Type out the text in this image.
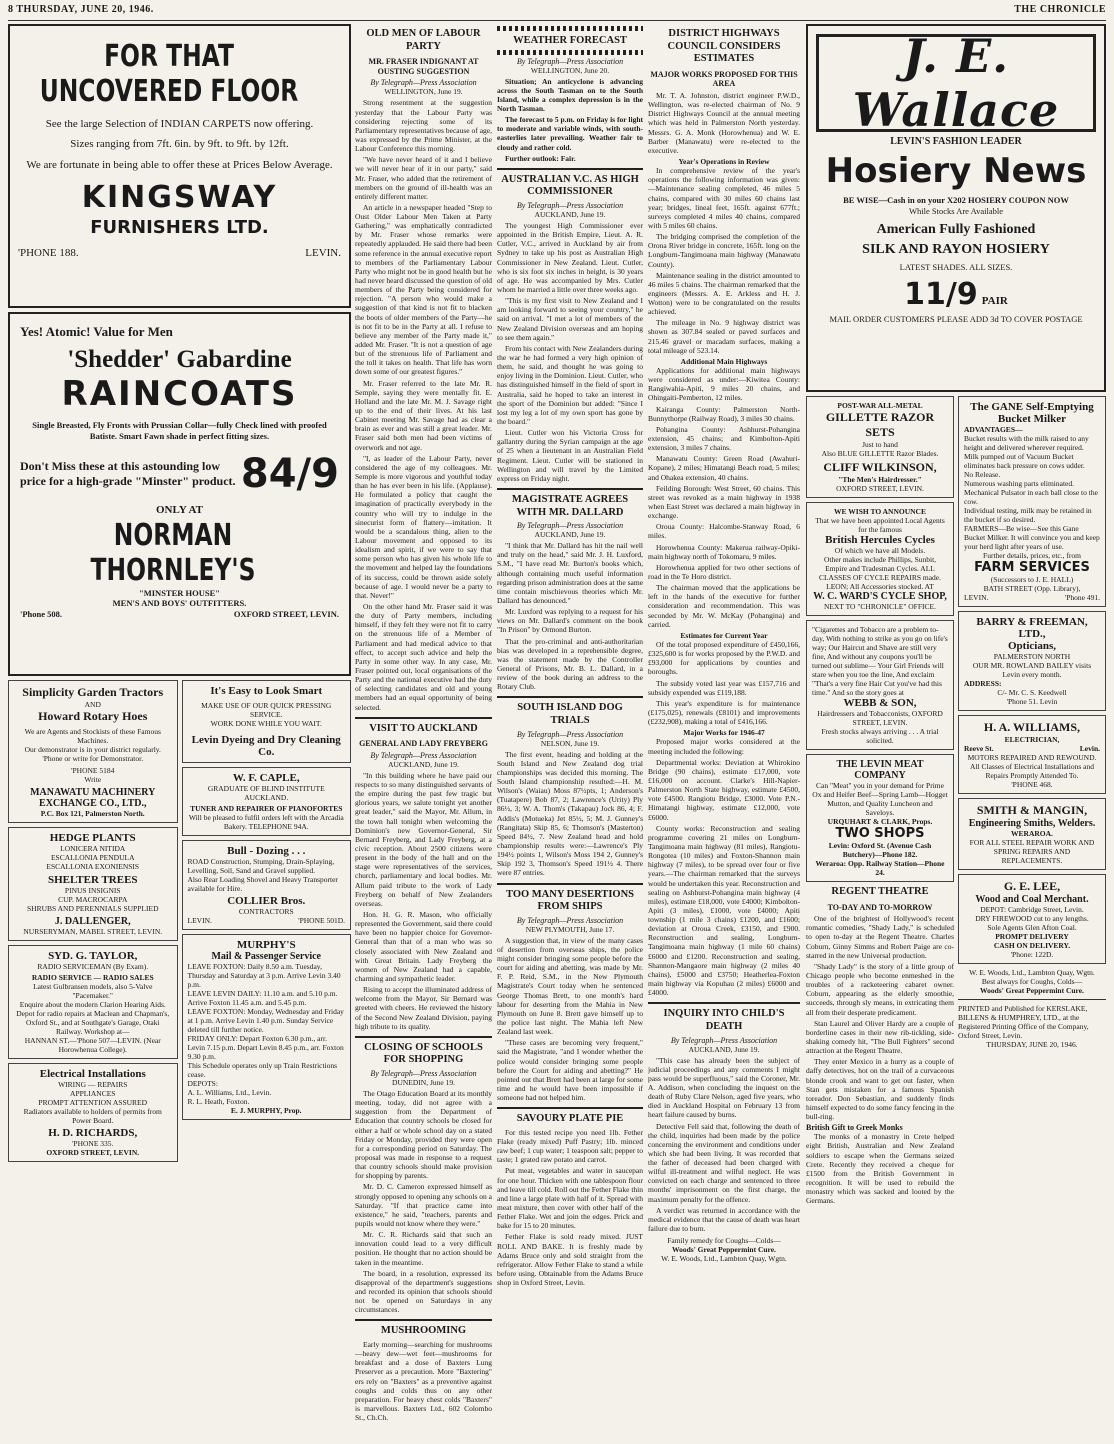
8 THURSDAY, JUNE 20, 1946.	THE CHRONICLE
FOR THAT UNCOVERED FLOOR
See the large Selection of INDIAN CARPETS now offering.
Sizes ranging from 7ft. 6in. by 9ft. to 9ft. by 12ft.
We are fortunate in being able to offer these at Prices Below Average.
KINGSWAY
FURNISHERS LTD.
'PHONE 188.	LEVIN.
Yes! Atomic! Value for Men
'Shedder' Gabardine
RAINCOATS
Single Breasted, Fly Fronts with Prussian Collar—fully Check lined with proofed Batiste. Smart Fawn shade in perfect fitting sizes.
Don't Miss these at this astounding low price for a high-grade "Minster" product. 84/9
ONLY AT
NORMAN THORNLEY'S
"MINSTER HOUSE"
MEN'S AND BOYS' OUTFITTERS.
'Phone 508.	OXFORD STREET, LEVIN.
Simplicity Garden Tractors
AND
Howard Rotary Hoes
We are Agents and Stockists of these Famous Machines.
Our demonstrator is in your district regularly.
'Phone or write for Demonstrator.
'PHONE 5184
Write
MANAWATU MACHINERY EXCHANGE CO., LTD.,
P.C. Box 121, Palmerston North.
HEDGE PLANTS
LONICERA NITIDA
ESCALLONIA PENDULA
ESCALLONIA EXONIENSIS
SHELTER TREES
PINUS INSIGNIS
CUP. MACROCARPA
SHRUBS AND PERENNIALS SUPPLIED
J. DALLENGER,
NURSERYMAN, MABEL STREET, LEVIN.
SYD. G. TAYLOR,
RADIO SERVICEMAN (By Exam).
RADIO SERVICE — RADIO SALES
Latest Gulbransen models, also 5-Valve "Pacemaker."
Enquire about the modern Clarion Hearing Aids.
Depot for radio repairs at Maclean and Chapman's, Oxford St., and at Southgate's Garage, Otaki Railway. Workshop at—
HANNAN ST.—'Phone 507—LEVIN. (Near Horowhenua College).
Electrical Installations
WIRING — REPAIRS
APPLIANCES
PROMPT ATTENTION ASSURED
Radiators available to holders of permits from Power Board.
H. D. RICHARDS,
'PHONE 335.
OXFORD STREET, LEVIN.
It's Easy to Look Smart
MAKE USE OF OUR QUICK PRESSING SERVICE.
WORK DONE WHILE YOU WAIT.
Levin Dyeing and Dry Cleaning Co.
W. F. CAPLE,
GRADUATE OF BLIND INSTITUTE AUCKLAND.
TUNER AND REPAIRER OF PIANOFORTES
Will be pleased to fulfil orders left with the Arcadia Bakery. TELEPHONE 94A.
Bull - Dozing . . .
ROAD Construction, Stumping, Drain-Splaying, Levelling, Soil, Sand and Gravel supplied.
Also Rear Loading Shovel and Heavy Transporter available for Hire.
COLLIER Bros.
CONTRACTORS
LEVIN.	'PHONE 501D.
MURPHY'S
Mail & Passenger Service
LEAVE FOXTON: Daily 8.50 a.m. Tuesday, Thursday and Saturday at 3 p.m. Arrive Levin 3.40 p.m.
LEAVE LEVIN DAILY: 11.10 a.m. and 5.10 p.m. Arrive Foxton 11.45 a.m. and 5.45 p.m.
LEAVE FOXTON: Monday, Wednesday and Friday at 1 p.m. Arrive Levin 1.40 p.m. Sunday Service deleted till further notice.
FRIDAY ONLY: Depart Foxton 6.30 p.m., arr. Levin 7.15 p.m. Depart Levin 8.45 p.m., arr. Foxton 9.30 p.m.
This Schedule operates only up Train Restrictions cease.
DEPOTS:
A. L. Williams, Ltd., Levin.
R. L. Heath, Foxton.
E. J. MURPHY, Prop.
OLD MEN OF LABOUR PARTY
MR. FRASER INDIGNANT AT OUSTING SUGGESTION
By Telegraph—Press Association
WELLINGTON, June 19.

Strong resentment at the suggestion yesterday that the Labour Party was considering rejecting some of its Parliamentary representatives because of age, was expressed by the Prime Minister, at the Labour Conference this morning.

"We have never heard of it and I believe we will never hear of it in our party," said Mr. Fraser, who added that the retirement of members on the ground of ill-health was an entirely different matter.

An article in a newspaper headed "Step to Oust Older Labour Men Taken at Party Gathering," was emphatically contradicted by Mr. Fraser whose remarks were repeatedly applauded. He said there had been some reference in the annual executive report to members of the Parliamentary Labour Party who might not be in good health but he had never heard discussed the question of old members of the Party being considered for rejection. "A person who would make a suggestion of that kind is not fit to blacken the boots of older members of the Party—he is not fit to be in the Party at all. I refuse to believe any member of the Party made it," added Mr. Fraser. "It is not a question of age but of the strenuous life of Parliament and the toll it takes on health. That life has worn down some of our greatest figures."

Mr. Fraser referred to the late Mr. R. Semple, saying they were mentally fit. E. Holland and the late Mr. M. J. Savage right up to the end of their lives. At his last Cabinet meeting Mr. Savage had as clear a brain as ever and was still a great leader. Mr. Fraser said both men had been victims of overwork and not age.

"I, as leader of the Labour Party, never considered the age of my colleagues. Mr. Semple is more vigorous and youthful today than he has ever been in his life. (Applause). He formulated a policy that caught the imagination of practically everybody in the country who will try to indulge in the sinecurist form of flattery—imitation. It would be a scandalous thing, alien to the Labour movement and opposed to its idealism and spirit, if we were to say that some person who has given his whole life to the movement and helped lay the foundations of its success, could be thrown aside solely because of age. I would never be a party to that. Never!"

On the other hand Mr. Fraser said it was the duty of Party members, including himself, if they felt they were not fit to carry on the strenuous life of a Member of Parliament and had medical advice to that effect, to accept such advice and help the Party in some other way. In any case, Mr. Fraser pointed out, local organisations of the Party and the national executive had the duty of selecting candidates and old and young members had an equal opportunity of being selected.

VISIT TO AUCKLAND
GENERAL AND LADY FREYBERG
By Telegraph—Press Association
AUCKLAND, June 19.

"In this building where he have paid our respects to so many distinguished servants of the empire during the past few tragic but glorious years, we salute tonight yet another great leader," said the Mayor, Mr. Allum, in the town hall tonight when welcoming the Dominion's new Governor-General, Sir Bernard Freyberg, and Lady Freyberg, at a civic reception. About 2500 citizens were present in the body of the hall and on the stage were representatives of the services, church, parliamentary and local bodies. Mr. Allum paid tribute to the work of Lady Freyberg on behalf of New Zealanders overseas.

Hon. H. G. R. Mason, who officially represented the Government, said there could have been no happier choice for Governor-General than that of a man who was so closely associated with New Zealand and with Great Britain. Lady Freyberg the women of New Zealand had a capable, charming and sympathetic leader.

Rising to accept the illuminated address of welcome from the Mayor, Sir Bernard was greeted with cheers. He reviewed the history of the Second New Zealand Division, paying high tribute to its quality.

CLOSING OF SCHOOLS FOR SHOPPING
By Telegraph—Press Association
DUNEDIN, June 19.

The Otago Education Board at its monthly meeting, today, did not agree with a suggestion from the Department of Education that country schools be closed for either a half or whole school day on a stated Friday or Monday, provided they were open for a corresponding period on Saturday. The proposal was made in response to a request that country schools should make provision for shopping by parents.

Mr. D. C. Cameron expressed himself as strongly opposed to opening any schools on a Saturday. "If that practice came into existence," he said, "teachers, parents and pupils would not know where they were."

Mr. C. R. Richards said that such an innovation could lead to a very difficult position. He thought that no action should be taken in the meantime.

The board, in a resolution, expressed its disapproval of the department's suggestions and recorded its opinion that schools should not be opened on Saturdays in any circumstances.

MUSHROOMING

Early morning—searching for mushrooms—heavy dew—wet feet—mushrooms for breakfast and a dose of Baxters Lung Preserver as a precaution. More "Baxtering" ers rely on "Baxters" as a preventive against coughs and colds thus on any other preparation. For heavy chest colds "Baxters" is marvellous. Baxters Ltd., 602 Colombo St., Ch.Ch.

WEATHER FORECAST
By Telegraph—Press Association
WELLINGTON, June 20.

Situation; An anticyclone is advancing across the South Tasman on to the South Island, while a complex depression is in the North Tasman.

The forecast to 5 p.m. on Friday is for light to moderate and variable winds, with south-easterlies later prevailing. Weather fair to cloudy and rather cold.

Further outlook: Fair.

AUSTRALIAN V.C. AS HIGH COMMISSIONER
By Telegraph—Press Association
AUCKLAND, June 19.

The youngest High Commissioner ever appointed in the British Empire, Lieut. A. R. Cutler, V.C., arrived in Auckland by air from Sydney to take up his post as Australian High Commissioner in New Zealand. Lieut. Cutler, who is six foot six inches in height, is 30 years of age. He was accompanied by Mrs. Cutler whom he married a little over three weeks ago.

"This is my first visit to New Zealand and I am looking forward to seeing your country," he said on arrival. "I met a lot of members of the New Zealand Division overseas and am hoping to see them again."

From his contact with New Zealanders during the war he had formed a very high opinion of them, he said, and thought he was going to enjoy living in the Dominion. Lieut. Cutler, who has distinguished himself in the field of sport in Australia, said he hoped to take an interest in the sport of the Dominion but added: "Since I lost my leg a lot of my own sport has gone by the board."

Lieut. Cutler won his Victoria Cross for gallantry during the Syrian campaign at the age of 25 when a lieutenant in an Australian Field Regiment. Lieut. Cutler will be stationed in Wellington and will travel by the Limited express on Friday night.

MAGISTRATE AGREES WITH MR. DALLARD
By Telegraph—Press Association
AUCKLAND, June 19.

"I think that Mr. Dallard has hit the nail well and truly on the head," said Mr. J. H. Luxford, S.M., "I have read Mr. Burton's books which, although containing much useful information regarding prison administration does at the same time contain mischievous theories which Mr. Dallard has denounced."

Mr. Luxford was replying to a request for his views on Mr. Dallard's comment on the book "In Prison" by Ormond Burton.

That the pro-criminal and anti-authoritarian bias was developed in a reprehensible degree, was the statement made by the Controller General of Prisons, Mr. B. L. Dallard, in a review of the book during an address to the Rotary Club.

SOUTH ISLAND DOG TRIALS
By Telegraph—Press Association
NELSON, June 19.

The first event, heading and holding at the South Island and New Zealand dog trial championships was decided this morning. The South Island championship resulted:—H. M. Wilson's (Waiau) Moss 87½pts, 1; Anderson's (Tuatapere) Bob 87, 2; Lawrence's (Urity) Ply 86½, 3; W. A. Thom's (Takapau) Jock 86, 4; F. Addis's (Motueka) Jet 85½, 5; M. J. Gunney's (Rangitata) Skip 85, 6; Thomson's (Masterton) Speed 84½, 7. New Zealand head and hold championship results were:—Lawrence's Ply 194½ points 1, Wilson's Moss 194 2, Gunney's Skip 192 3, Thomson's Speed 191½ 4. There were 87 entries.

TOO MANY DESERTIONS FROM SHIPS
By Telegraph—Press Association
NEW PLYMOUTH, June 17.

A suggestion that, in view of the many cases of desertion from overseas ships, the police might consider bringing some people before the court for aiding and abetting, was made by Mr. F. P. Reid, S.M., in the New Plymouth Magistrate's Court today when he sentenced George Thomas Brett, to one month's hard labour for deserting from the Mahia in New Plymouth on June 8. Brett gave himself up to the police last night. The Mahia left New Zealand last week.

"These cases are becoming very frequent," said the Magistrate, "and I wonder whether the police would consider bringing some people before the Court for aiding and abetting?" He pointed out that Brett had been at large for some time and he would have been impossible if someone had not helped him.

SAVOURY PLATE PIE

For this tested recipe you need 1lb. Fether Flake (ready mixed) Puff Pastry; 1lb. minced raw beef; 1 cup water; 1 teaspoon salt; pepper to taste; 1 grated raw potato and carrot.

Put meat, vegetables and water in saucepan for one hour. Thicken with one tablespoon flour and leave till cold. Roll out the Fether Flake thin and line a large plate with half of it. Spread with meat mixture, then cover with other half of the Fether Flake. Wet and join the edges. Prick and bake for 15 to 20 minutes.

Fether Flake is sold ready mixed. JUST ROLL AND BAKE. It is freshly made by Adams Bruce only and sold straight from the refrigerator. Allow Fether Flake to stand a while before using. Obtainable from the Adams Bruce shop in Oxford Street, Levin.

DISTRICT HIGHWAYS COUNCIL CONSIDERS ESTIMATES
MAJOR WORKS PROPOSED FOR THIS AREA

Mr. T. A. Johnston, district engineer P.W.D., Wellington, was re-elected chairman of No. 9 District Highways Council at the annual meeting which was held in Palmerston North yesterday. Messrs. G. A. Monk (Horowhenua) and W. E. Barber (Manawatu) were re-elected to the executive.

Year's Operations in Review

In comprehensive review of the year's operations the following information was given:—Maintenance sealing completed, 46 miles 5 chains, compared with 30 miles 60 chains last year; bridges, lineal feet, 165ft. against 677ft.; surveys completed 4 miles 40 chains, compared with 5 miles 60 chains.

The bridging comprised the completion of the Orona River bridge in concrete, 165ft. long on the Longburn-Tangimoana main highway (Manawatu County).

Maintenance sealing in the district amounted to 46 miles 5 chains. The chairman remarked that the engineers (Messrs. A. E. Arkless and H. J. Wotton) were to be congratulated on the results achieved.

The mileage in No. 9 highway district was shown as 307.84 sealed or paved surfaces and 215.46 gravel or macadam surfaces, making a total mileage of 523.14.

Additional Main Highways

Applications for additional main highways were considered as under:—Kiwitea County: Rangiwahia-Apiti, 9 miles 20 chains, and Ohingaiti-Pemberton, 12 miles.

Kairanga County: Palmerston North-Bunnythorpe (Railway Road), 3 miles 30 chains.

Pohangina County: Ashhurst-Pohangina extension, 45 chains; and Kimbolton-Apiti extension, 3 miles 7 chains.

Manawatu County: Green Road (Awahuri-Kopane), 2 miles; Himatangi Beach road, 5 miles; and Ohakea extension, 40 chains.

Feilding Borough: West Street, 60 chains. This street was revoked as a main highway in 1938 when East Street was declared a main highway in exchange.

Oroua County: Halcombe-Stanway Road, 6 miles.

Horowhenua County: Makerua railway-Opiki-main highway north of Tokomaru, 9 miles.

Horowhenua applied for two other sections of road in the Te Horo district.

The chairman moved that the applications be left in the hands of the executive for further consideration and recommendation. This was seconded by Mr. W. McKay (Pohangina) and carried.

Estimates for Current Year

Of the total proposed expenditure of £450,166, £325,600 is for works proposed by the P.W.D. and £93,000 for applications by counties and boroughs.

The subsidy voted last year was £157,716 and subsidy expended was £119,188.

This year's expenditure is for maintenance (£175,025), renewals (£8101) and improvements (£232,908), making a total of £416,166.

Major Works for 1946-47

Proposed major works considered at the meeting included the following:

Departmental works: Deviation at Whirokino Bridge (90 chains), estimate £17,000, vote £16,000 on account. Clarke's Hill-Napier-Palmerston North State highway, estimate £4500, vote £4500. Rangiotu Bridge, £3000. Vote P.N.-Himatangi highway, estimate £12,000, vote £6000.

County works: Reconstruction and sealing programme covering 21 miles on Longburn-Tangimoana main highway (81 miles), Rangiotu-Rongotea (10 miles) and Foxton-Shannon main highway (7 miles), to be spread over four or five years.—The chairman remarked that the surveys would be undertaken this year. Reconstruction and sealing on Ashhurst-Pohangina main highway (4 miles), estimate £18,000, vote £4000; Kimbolton-Apiti (3 miles), £1000, vote £4000; Apiti township (1 mile 3 chains) £1200, and £1600; deviation at Oroua Creek, £3150, and £900. Reconstruction and sealing, Longburn-Tangimoana main highway (1 mile 60 chains) £6000 and £1200. Reconstruction and sealing, Shannon-Mangaore main highway (2 miles 40 chains), £5000 and £3750; Heatherlea-Foxton main highway via Kopuhau (2 miles) £6000 and £4000.

INQUIRY INTO CHILD'S DEATH
By Telegraph—Press Association
AUCKLAND, June 19.

"This case has already been the subject of judicial proceedings and any comments I might pass would be superfluous," said the Coroner, Mr. A. Addison, when concluding the inquest on the death of Ruby Clare Nelson, aged five years, who died in Auckland Hospital on February 13 from heart failure caused by burns.

Detective Fell said that, following the death of the child, inquiries had been made by the police concerning the environment and conditions under which she had been living. It was recorded that the father of deceased had been charged with wilful ill-treatment and wilful neglect. He was convicted on each charge and sentenced to three months' imprisonment on the first charge, the maximum penalty for the offence.

A verdict was returned in accordance with the medical evidence that the cause of death was heart failure due to burn.

Family remedy for Coughs—Colds—
Woods' Great Peppermint Cure.
W. E. Woods, Ltd., Lambton Quay, Wgtn.
J. E. Wallace
LEVIN'S FASHION LEADER
Hosiery News
BE WISE—Cash in on your X202 HOSIERY COUPON NOW
While Stocks Are Available
American Fully Fashioned
SILK AND RAYON HOSIERY
LATEST SHADES. ALL SIZES.
11/9 PAIR
MAIL ORDER CUSTOMERS PLEASE ADD 3d TO COVER POSTAGE
POST-WAR ALL-METAL
GILLETTE RAZOR SETS
Just to hand
Also BLUE GILLETTE Razor Blades.
CLIFF WILKINSON,
"The Men's Hairdresser."
OXFORD STREET, LEVIN.
WE WISH TO ANNOUNCE
That we have been appointed Local Agents for the famous
British Hercules Cycles
Of which we have all Models.
Other makes include Phillips, Sunbit, Empire and Tradesman Cycles. ALL CLASSES OF CYCLE REPAIRS made. LEON; All Accessories stocked. AT
W. C. WARD'S CYCLE SHOP,
NEXT TO "CHRONICLE" OFFICE.
"Cigarettes and Tobacco are a problem to-day, With nothing to strike as you go on life's way; Our Haircut and Shave are still very fine, And without any coupons you'll be turned out sublime— Your Girl Friends will stare when you toe the line, And exclaim "That's a very fine Hair Cut you've had this time." And so the story goes at
WEBB & SON,
Hairdressers and Tobacconists, OXFORD STREET, LEVIN.
Fresh stocks always arriving . . . A trial solicited.
THE LEVIN MEAT COMPANY
Can "Meat" you in your demand for Prime Ox and Heifer Beef—Spring Lamb—Hogget Mutton, and Quality Luncheon and Saveloys.
URQUHART & CLARK, Props.
TWO SHOPS
Levin: Oxford St. (Avenue Cash Butchery)—Phone 182.
Weraroa: Opp. Railway Station—Phone 24.
REGENT THEATRE
TO-DAY AND TO-MORROW

One of the brightest of Hollywood's recent romantic comedies, "Shady Lady," is scheduled to open to-day at the Regent Theatre. Charles Coburn, Ginny Simms and Robert Paige are co-starred in the new Universal production.

"Shady Lady" is the story of a little group of Chicago people who become enmeshed in the troubles of a racketeering cabaret owner. Coburn, appearing as the elderly smoothie, succeeds, through sly means, in extricating them all from their desperate predicament.

Stan Laurel and Oliver Hardy are a couple of borderline cases in their new rib-tickling, side-shaking comedy hit, "The Bull Fighters" second attraction at the Regent Theatre.

They enter Mexico in a hurry as a couple of daffy detectives, hot on the trail of a curvaceous blonde crook and want to get out faster, when Stan gets mistaken for a famous Spanish toreador. Don Sebastian, and suddenly finds himself expected to do some fancy fencing in the bull-ring.

British Gift to Greek Monks

The monks of a monastry in Crete helped eight British, Australian and New Zealand soldiers to escape when the Germans seized Crete. Recently they received a cheque for £1500 from the British Government in recognition. It will be used to rebuild the monastry which was sacked and looted by the Germans.

The GANE Self-Emptying Bucket Milker
ADVANTAGES—
Bucket results with the milk raised to any height and delivered wherever required.
Milk pumped out of Vacuum Bucket eliminates back pressure on cows udder.
No Release.
Numerous washing parts eliminated.
Mechanical Pulsator in each ball close to the cow.
Individual testing, milk may be retained in the bucket if so desired.
FARMERS—Be wise—See this Gane Bucket Milker. It will convince you and keep your herd light after years of use.
Further details, prices, etc., from
FARM SERVICES
(Successors to J. E. HALL)
BATH STREET (Opp. Library),
LEVIN.	'Phone 491.
BARRY & FREEMAN, LTD.,
Opticians,
PALMERSTON NORTH
OUR MR. ROWLAND BAILEY visits Levin every month.
ADDRESS:
C/- Mr. C. S. Keedwell
'Phone 51. Levin
H. A. WILLIAMS,
ELECTRICIAN,
Reeve St.	Levin.
MOTORS REPAIRED AND REWOUND.
All Classes of Electrical Installations and Repairs Promptly Attended To.
'PHONE 468.
SMITH & MANGIN,
Engineering Smiths, Welders.
WERAROA.
FOR ALL STEEL REPAIR WORK AND SPRING REPAIRS AND REPLACEMENTS.
G. E. LEE,
Wood and Coal Merchant.
DEPOT: Cambridge Street, Levin.
DRY FIREWOOD cut to any lengths.
Sole Agents Glen Afton Coal.
PROMPT DELIVERY
CASH ON DELIVERY.
'Phone: 122D.
W. E. Woods, Ltd., Lambton Quay, Wgtn.
Best always for Coughs, Colds—
Woods' Great Peppermint Cure.
PRINTED and Published for KERSLAKE, BILLENS & HUMPHREY, LTD., at the Registered Printing Office of the Company, Oxford Street, Levin.
THURSDAY, JUNE 20, 1946.
